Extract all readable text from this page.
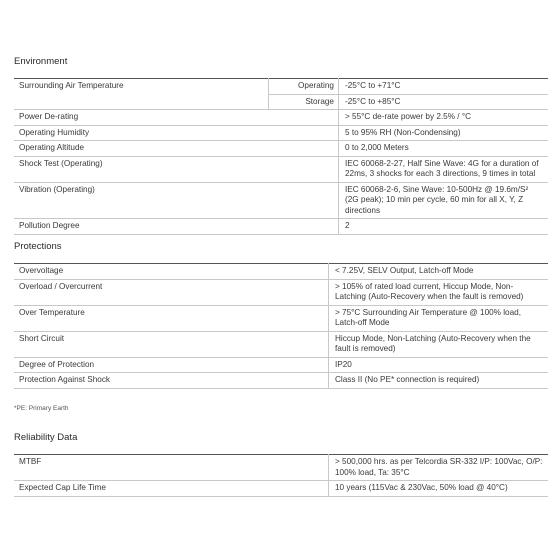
Environment
Surrounding Air Temperature	Operating	-25°C to +71°C
	Storage	-25°C to +85°C
Power De-rating		> 55°C de-rate power by 2.5% / °C
Operating Humidity		5 to 95% RH (Non-Condensing)
Operating Altitude		0 to 2,000 Meters
Shock Test (Operating)		IEC 60068-2-27, Half Sine Wave: 4G for a duration of 22ms, 3 shocks for each 3 directions, 9 times in total
Vibration (Operating)		IEC 60068-2-6, Sine Wave: 10-500Hz @ 19.6m/S² (2G peak); 10 min per cycle, 60 min for all X, Y, Z directions
Pollution Degree		2
Protections
Overvoltage	< 7.25V, SELV Output, Latch-off Mode
Overload / Overcurrent	> 105% of rated load current, Hiccup Mode, Non-Latching (Auto-Recovery when the fault is removed)
Over Temperature	> 75°C Surrounding Air Temperature @ 100% load, Latch-off Mode
Short Circuit	Hiccup Mode, Non-Latching (Auto-Recovery when the fault is removed)
Degree of Protection	IP20
Protection Against Shock	Class II (No PE* connection is required)
*PE: Primary Earth
Reliability Data
MTBF	> 500,000 hrs. as per Telcordia SR-332 I/P: 100Vac, O/P: 100% load, Ta: 35°C
Expected Cap Life Time	10 years (115Vac & 230Vac, 50% load @ 40°C)
